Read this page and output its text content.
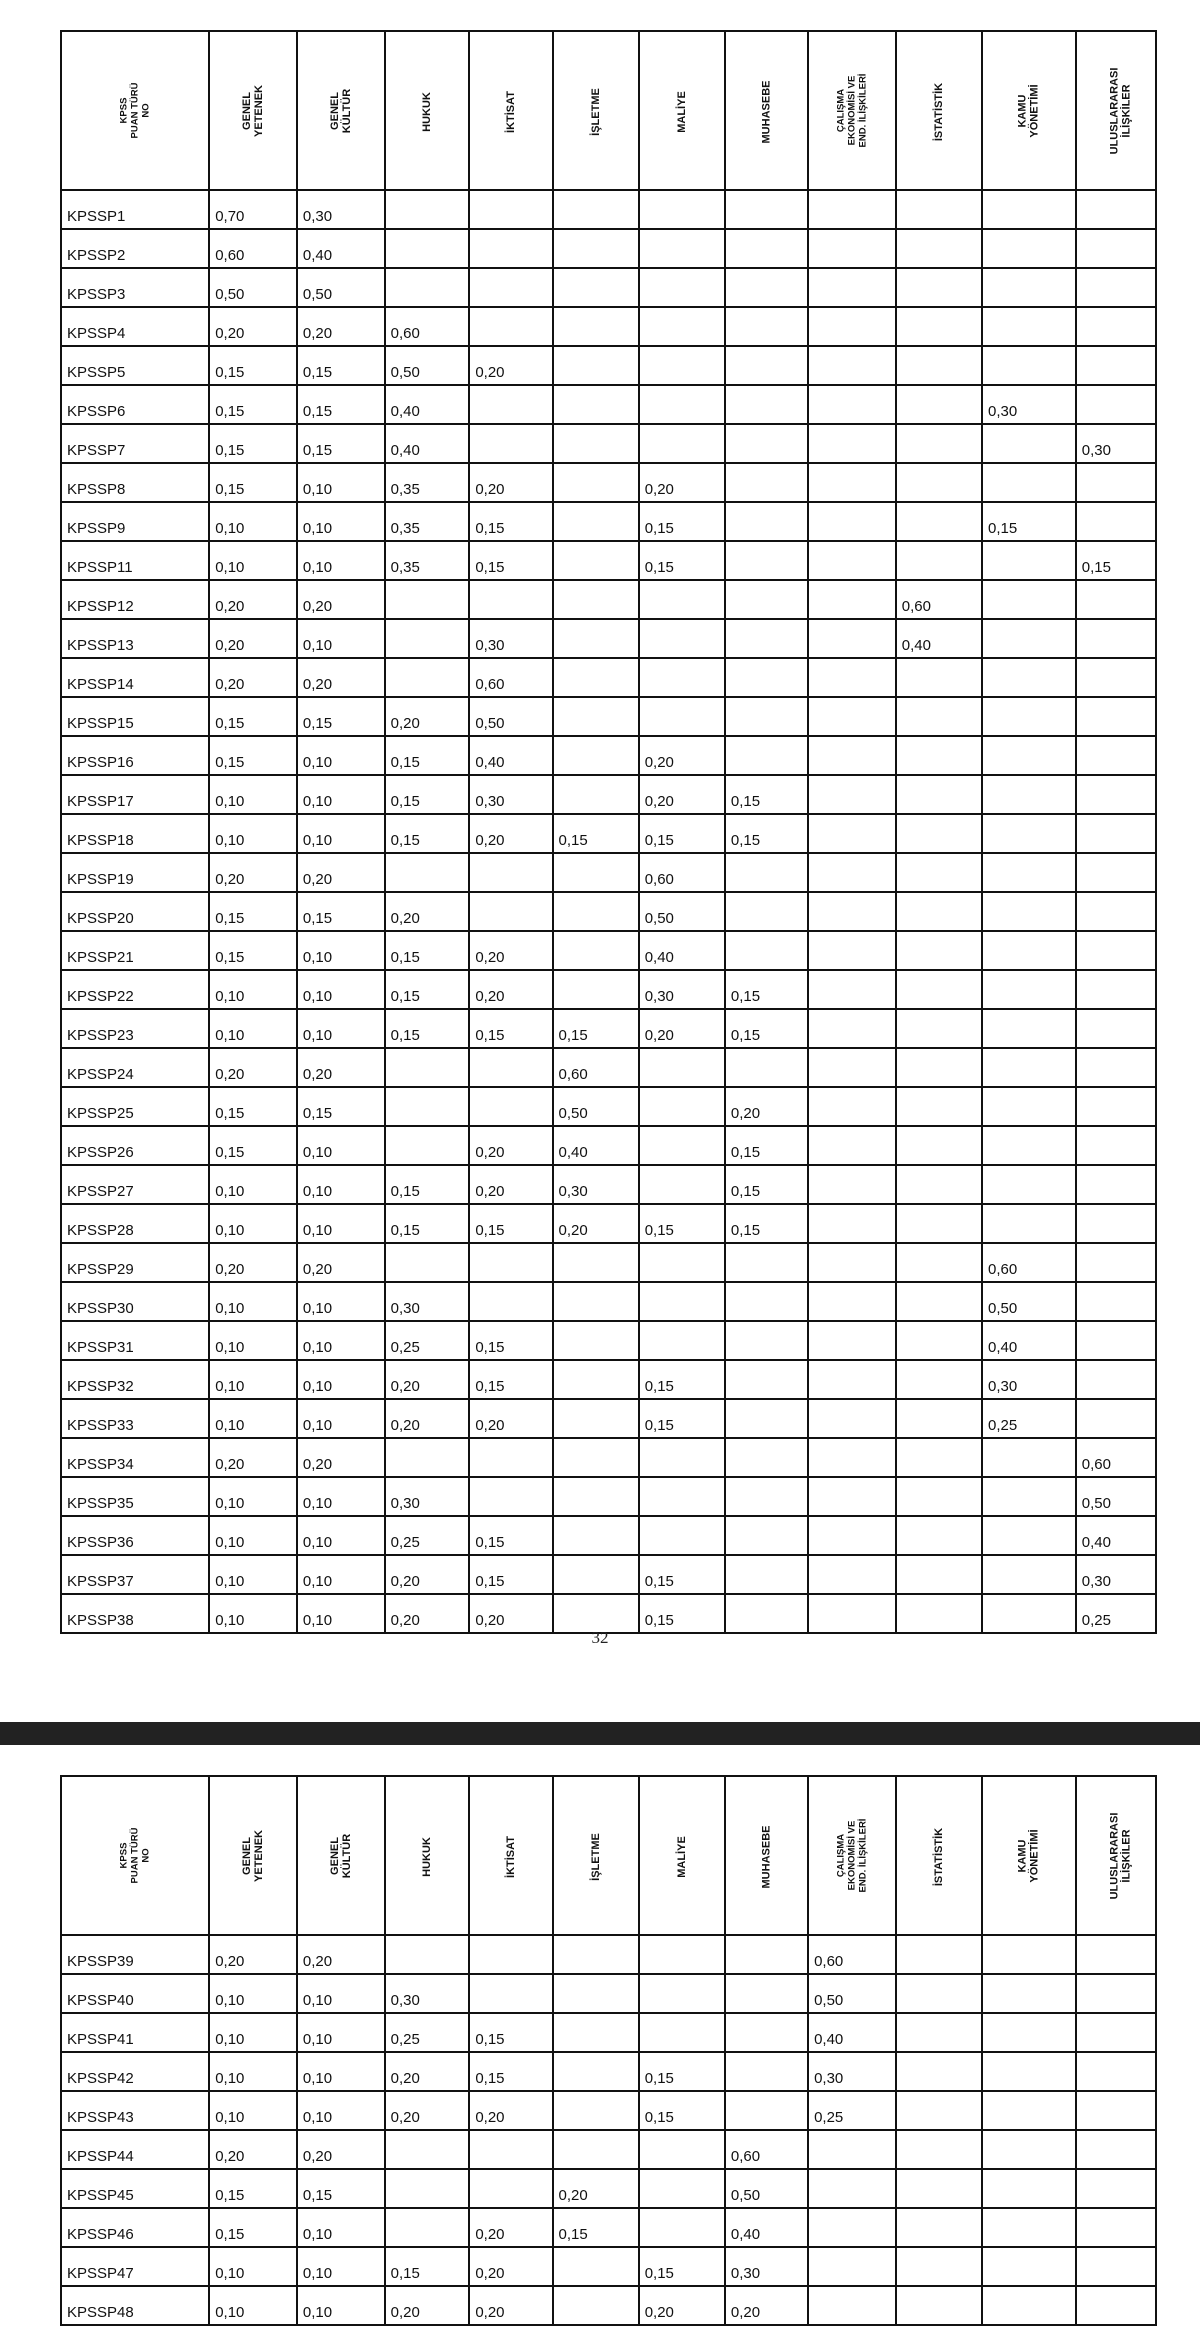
KPSS PUAN TÜRÜ NO	GENEL YETENEK	GENEL KÜLTÜR	HUKUK	İKTİSAT	İŞLETME	MALİYE	MUHASEBE	ÇALIŞMA EKONOMİSİ VE END. İLİŞKİLERİ	İSTATİSTİK	KAMU YÖNETİMİ	ULUSLARARASI İLİŞKİLER

KPSSP1	0,70	0,30									
KPSSP2	0,60	0,40									
KPSSP3	0,50	0,50									
KPSSP4	0,20	0,20	0,60								
KPSSP5	0,15	0,15	0,50	0,20							
KPSSP6	0,15	0,15	0,40							0,30	
KPSSP7	0,15	0,15	0,40								0,30
KPSSP8	0,15	0,10	0,35	0,20		0,20					
KPSSP9	0,10	0,10	0,35	0,15		0,15				0,15	
KPSSP11	0,10	0,10	0,35	0,15		0,15					0,15
KPSSP12	0,20	0,20							0,60		
KPSSP13	0,20	0,10		0,30					0,40		
KPSSP14	0,20	0,20		0,60							
KPSSP15	0,15	0,15	0,20	0,50							
KPSSP16	0,15	0,10	0,15	0,40		0,20					
KPSSP17	0,10	0,10	0,15	0,30		0,20	0,15				
KPSSP18	0,10	0,10	0,15	0,20	0,15	0,15	0,15				
KPSSP19	0,20	0,20				0,60					
KPSSP20	0,15	0,15	0,20			0,50					
KPSSP21	0,15	0,10	0,15	0,20		0,40					
KPSSP22	0,10	0,10	0,15	0,20		0,30	0,15				
KPSSP23	0,10	0,10	0,15	0,15	0,15	0,20	0,15				
KPSSP24	0,20	0,20			0,60						
KPSSP25	0,15	0,15			0,50		0,20				
KPSSP26	0,15	0,10		0,20	0,40		0,15				
KPSSP27	0,10	0,10	0,15	0,20	0,30		0,15				
KPSSP28	0,10	0,10	0,15	0,15	0,20	0,15	0,15				
KPSSP29	0,20	0,20								0,60	
KPSSP30	0,10	0,10	0,30							0,50	
KPSSP31	0,10	0,10	0,25	0,15						0,40	
KPSSP32	0,10	0,10	0,20	0,15		0,15				0,30	
KPSSP33	0,10	0,10	0,20	0,20		0,15				0,25	
KPSSP34	0,20	0,20									0,60
KPSSP35	0,10	0,10	0,30								0,50
KPSSP36	0,10	0,10	0,25	0,15							0,40
KPSSP37	0,10	0,10	0,20	0,15		0,15					0,30
KPSSP38	0,10	0,10	0,20	0,20		0,15					0,25
32
KPSS PUAN TÜRÜ NO	GENEL YETENEK	GENEL KÜLTÜR	HUKUK	İKTİSAT	İŞLETME	MALİYE	MUHASEBE	ÇALIŞMA EKONOMİSİ VE END. İLİŞKİLERİ	İSTATİSTİK	KAMU YÖNETİMİ	ULUSLARARASI İLİŞKİLER

KPSSP39	0,20	0,20						0,60			
KPSSP40	0,10	0,10	0,30					0,50			
KPSSP41	0,10	0,10	0,25	0,15				0,40			
KPSSP42	0,10	0,10	0,20	0,15		0,15		0,30			
KPSSP43	0,10	0,10	0,20	0,20		0,15		0,25			
KPSSP44	0,20	0,20					0,60				
KPSSP45	0,15	0,15			0,20		0,50				
KPSSP46	0,15	0,10		0,20	0,15		0,40				
KPSSP47	0,10	0,10	0,15	0,20		0,15	0,30				
KPSSP48	0,10	0,10	0,20	0,20		0,20	0,20				
